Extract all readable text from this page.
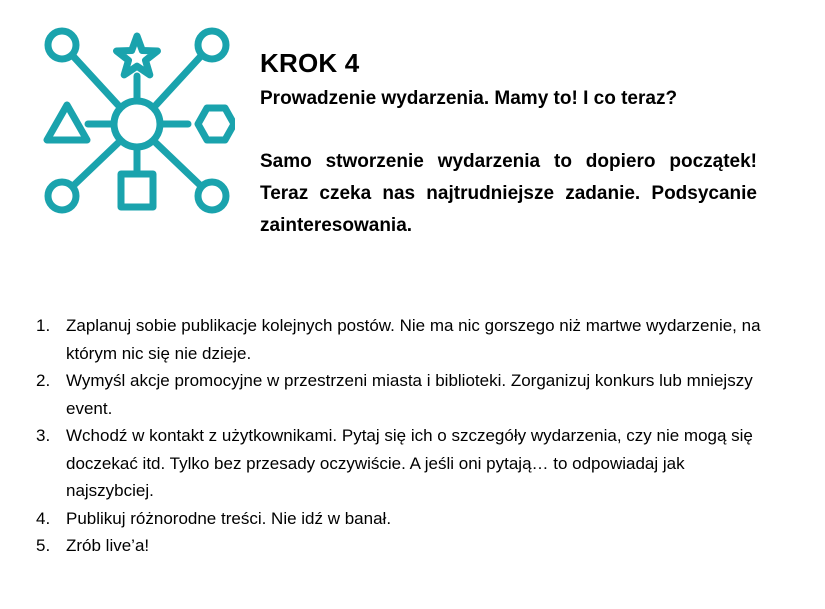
KROK 4

Prowadzenie wydarzenia. Mamy to! I co teraz?

Samo stworzenie wydarzenia to dopiero początek! Teraz czeka nas najtrudniejsze zadanie. Podsycanie zainteresowania.

1. Zaplanuj sobie publikacje kolejnych postów. Nie ma nic gorszego niż martwe wydarzenie, na którym nic się nie dzieje.
2. Wymyśl akcje promocyjne w przestrzeni miasta i biblioteki. Zorganizuj konkurs lub mniejszy event.
3. Wchodź w kontakt z użytkownikami. Pytaj się ich o szczegóły wydarzenia, czy nie mogą się doczekać itd. Tylko bez przesady oczywiście. A jeśli oni pytają… to odpowiadaj jak najszybciej.
4. Publikuj różnorodne treści. Nie idź w banał.
5. Zrób live’a!
